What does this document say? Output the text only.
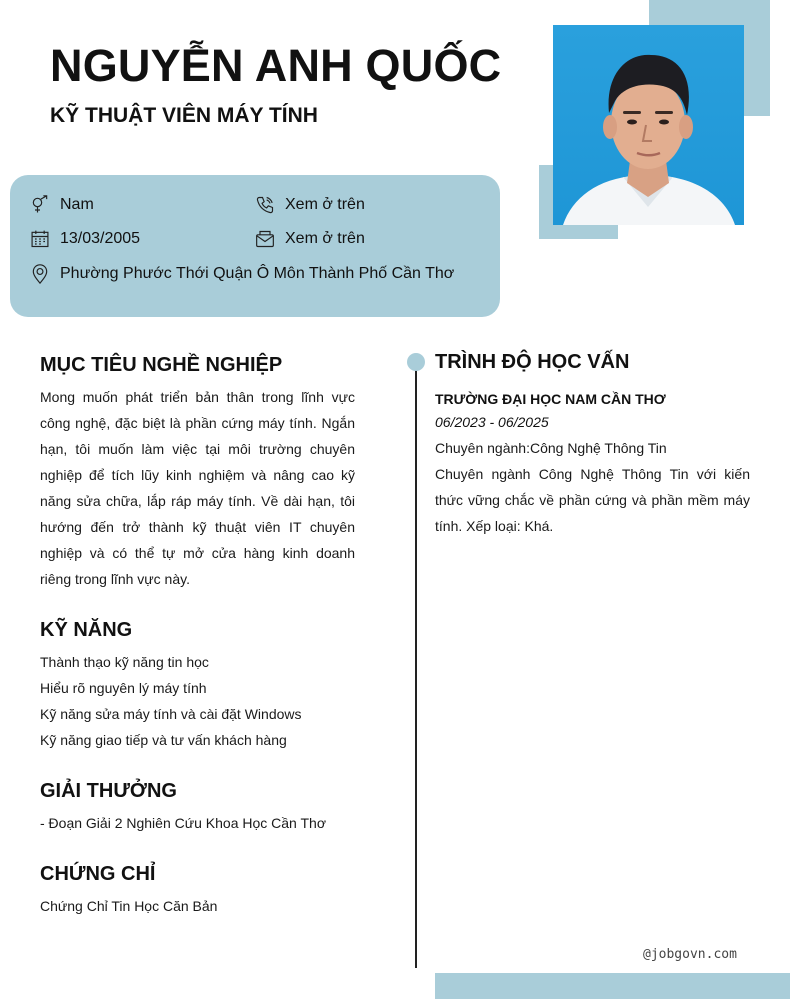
NGUYỄN ANH QUỐC
KỸ THUẬT VIÊN MÁY TÍNH
Nam	Xem ở trên
13/03/2005	Xem ở trên
Phường Phước Thới Quận Ô Môn Thành Phố Cần Thơ
MỤC TIÊU NGHỀ NGHIỆP

Mong muốn phát triển bản thân trong lĩnh vực công nghệ, đặc biệt là phần cứng máy tính. Ngắn hạn, tôi muốn làm việc tại môi trường chuyên nghiệp để tích lũy kinh nghiệm và nâng cao kỹ năng sửa chữa, lắp ráp máy tính. Về dài hạn, tôi hướng đến trở thành kỹ thuật viên IT chuyên nghiệp và có thể tự mở cửa hàng kinh doanh riêng trong lĩnh vực này.

KỸ NĂNG
Thành thạo kỹ năng tin học
Hiểu rõ nguyên lý máy tính
Kỹ năng sửa máy tính và cài đặt Windows
Kỹ năng giao tiếp và tư vấn khách hàng
GIẢI THƯỞNG
- Đoạn Giải 2 Nghiên Cứu Khoa Học Cần Thơ
CHỨNG CHỈ
Chứng Chỉ Tin Học Căn Bản
TRÌNH ĐỘ HỌC VẤN

TRƯỜNG ĐẠI HỌC NAM CẦN THƠ

06/2023 - 06/2025

Chuyên ngành:Công Nghệ Thông Tin

Chuyên ngành Công Nghệ Thông Tin với kiến thức vững chắc về phần cứng và phần mềm máy tính. Xếp loại: Khá.

@jobgovn.com
